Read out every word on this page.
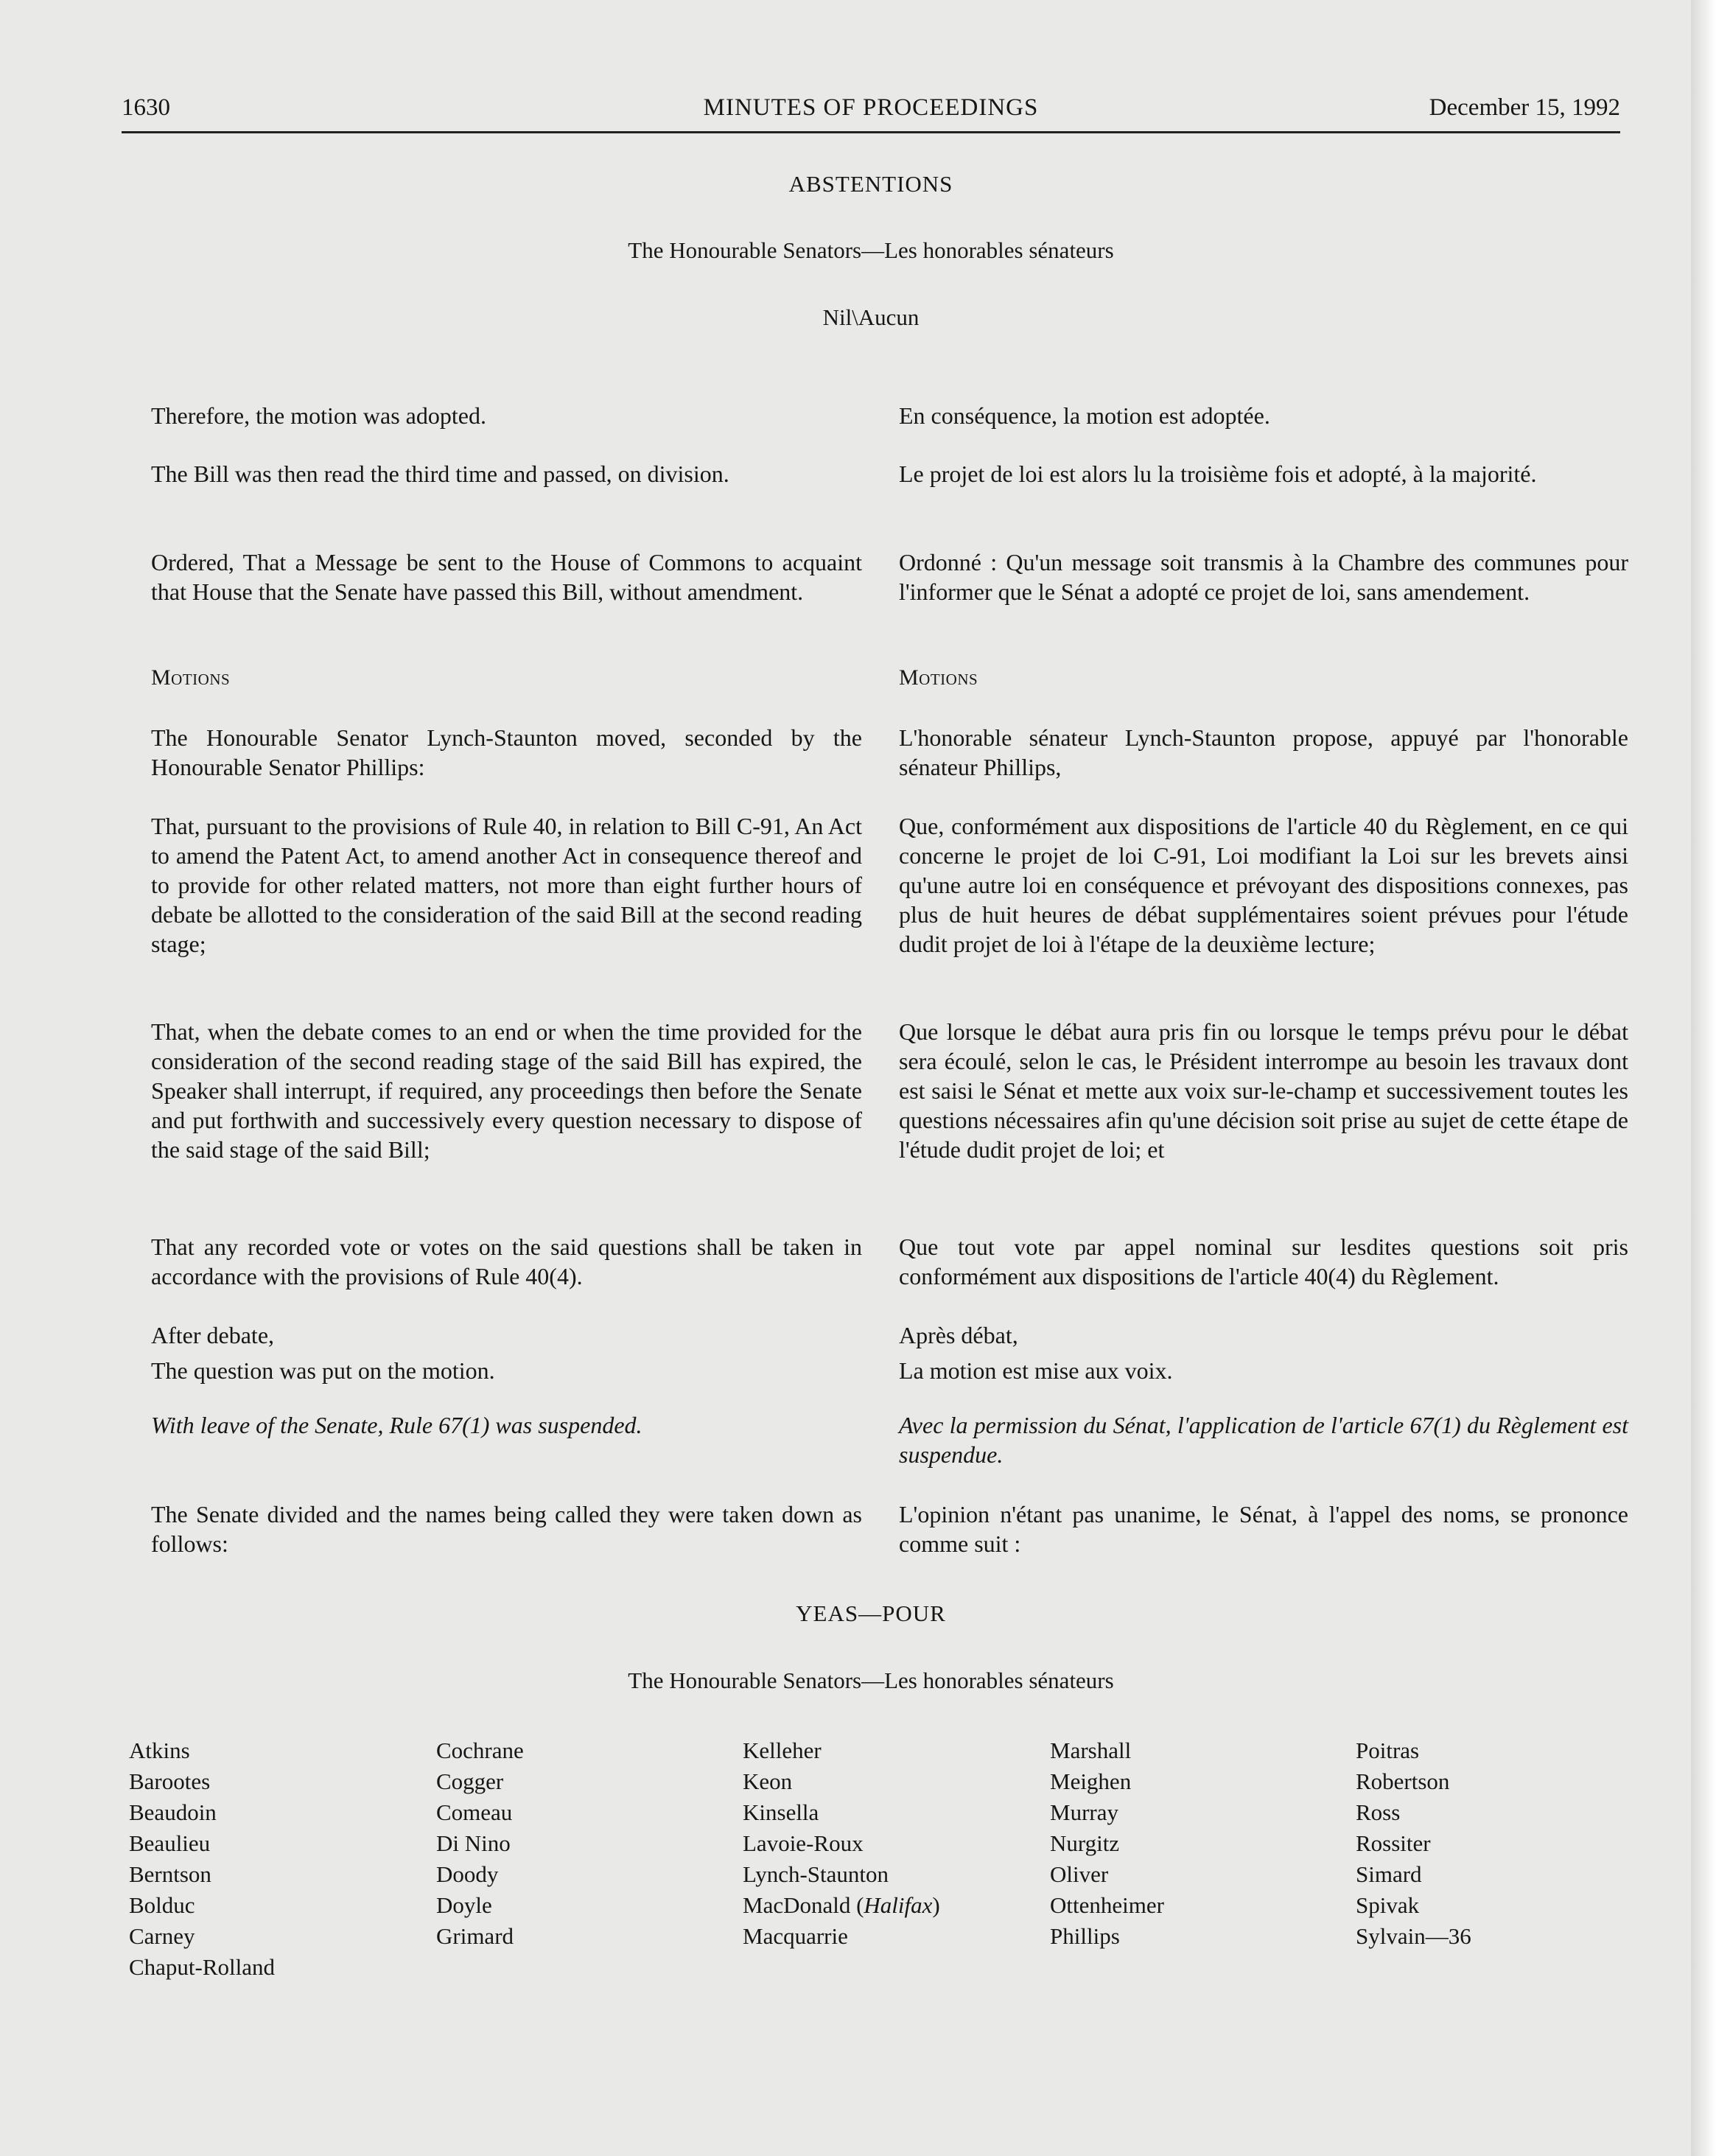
1630	MINUTES OF PROCEEDINGS	December 15, 1992
ABSTENTIONS
The Honourable Senators—Les honorables sénateurs
Nil\Aucun

Therefore, the motion was adopted.

The Bill was then read the third time and passed, on division.

Ordered, That a Message be sent to the House of Commons to acquaint that House that the Senate have passed this Bill, without amendment.

Motions

The Honourable Senator Lynch-Staunton moved, seconded by the Honourable Senator Phillips:

That, pursuant to the provisions of Rule 40, in relation to Bill C-91, An Act to amend the Patent Act, to amend another Act in consequence thereof and to provide for other related matters, not more than eight further hours of debate be allotted to the consideration of the said Bill at the second reading stage;

That, when the debate comes to an end or when the time provided for the consideration of the second reading stage of the said Bill has expired, the Speaker shall interrupt, if required, any proceedings then before the Senate and put forthwith and successively every question necessary to dispose of the said stage of the said Bill;

That any recorded vote or votes on the said questions shall be taken in accordance with the provisions of Rule 40(4).

After debate,

The question was put on the motion.

With leave of the Senate, Rule 67(1) was suspended.

The Senate divided and the names being called they were taken down as follows:

En conséquence, la motion est adoptée.

Le projet de loi est alors lu la troisième fois et adopté, à la majorité.

Ordonné : Qu'un message soit transmis à la Chambre des communes pour l'informer que le Sénat a adopté ce projet de loi, sans amendement.

Motions

L'honorable sénateur Lynch-Staunton propose, appuyé par l'honorable sénateur Phillips,

Que, conformément aux dispositions de l'article 40 du Règlement, en ce qui concerne le projet de loi C-91, Loi modifiant la Loi sur les brevets ainsi qu'une autre loi en conséquence et prévoyant des dispositions connexes, pas plus de huit heures de débat supplémentaires soient prévues pour l'étude dudit projet de loi à l'étape de la deuxième lecture;

Que lorsque le débat aura pris fin ou lorsque le temps prévu pour le débat sera écoulé, selon le cas, le Président interrompe au besoin les travaux dont est saisi le Sénat et mette aux voix sur-le-champ et successivement toutes les questions nécessaires afin qu'une décision soit prise au sujet de cette étape de l'étude dudit projet de loi; et

Que tout vote par appel nominal sur lesdites questions soit pris conformément aux dispositions de l'article 40(4) du Règlement.

Après débat,

La motion est mise aux voix.

Avec la permission du Sénat, l'application de l'article 67(1) du Règlement est suspendue.

L'opinion n'étant pas unanime, le Sénat, à l'appel des noms, se prononce comme suit :

YEAS—POUR
The Honourable Senators—Les honorables sénateurs
Atkins
Barootes
Beaudoin
Beaulieu
Berntson
Bolduc
Carney
Chaput-Rolland
Cochrane
Cogger
Comeau
Di Nino
Doody
Doyle
Grimard
Kelleher
Keon
Kinsella
Lavoie-Roux
Lynch-Staunton
MacDonald (Halifax)
Macquarrie
Marshall
Meighen
Murray
Nurgitz
Oliver
Ottenheimer
Phillips
Poitras
Robertson
Ross
Rossiter
Simard
Spivak
Sylvain—36
